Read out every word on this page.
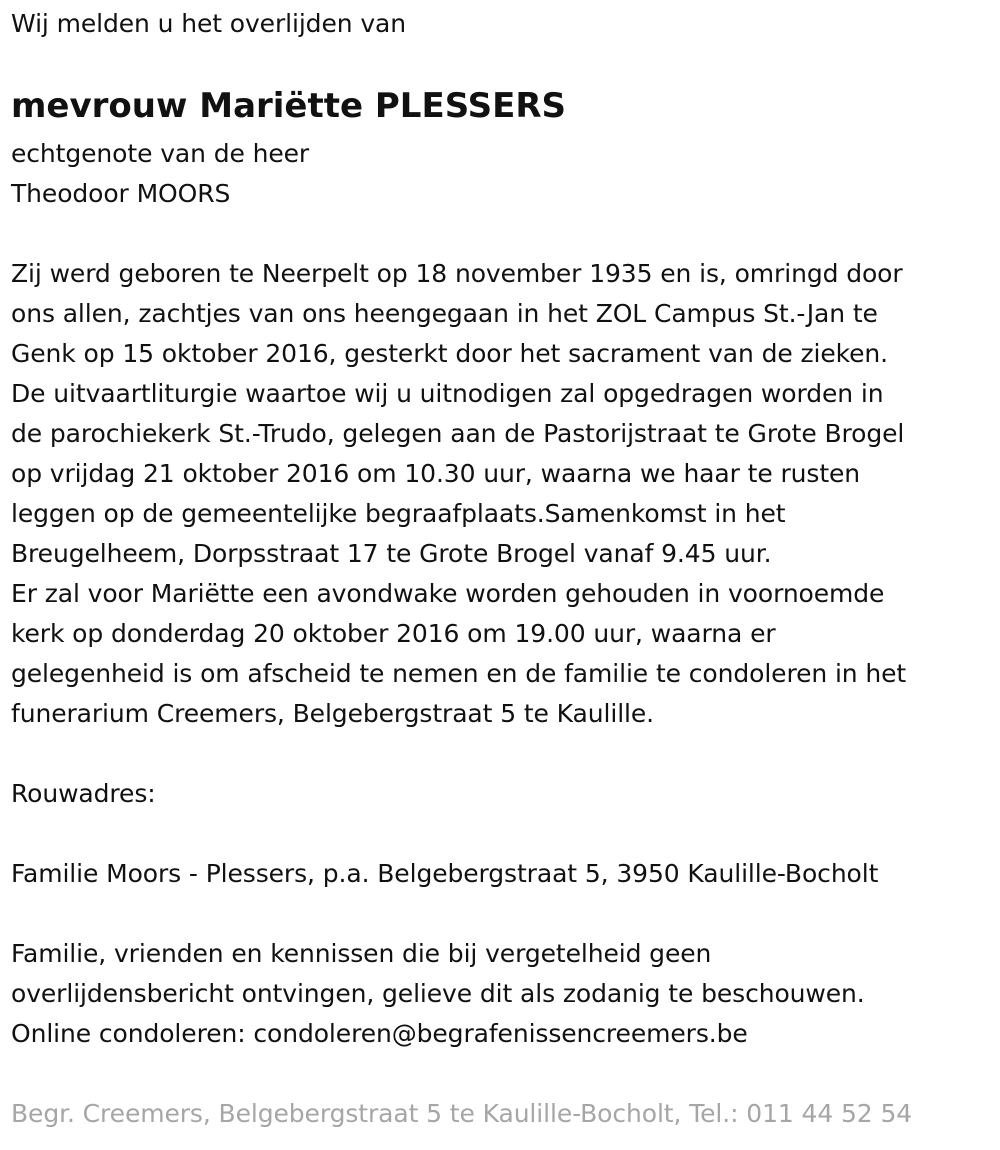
Wij melden u het overlijden van
mevrouw Mariëtte PLESSERS
echtgenote van de heer
Theodoor MOORS
Zij werd geboren te Neerpelt op 18 november 1935 en is, omringd door
ons allen, zachtjes van ons heengegaan in het ZOL Campus St.-Jan te
Genk op 15 oktober 2016, gesterkt door het sacrament van de zieken.
De uitvaartliturgie waartoe wij u uitnodigen zal opgedragen worden in
de parochiekerk St.-Trudo, gelegen aan de Pastorijstraat te Grote Brogel
op vrijdag 21 oktober 2016 om 10.30 uur, waarna we haar te rusten
leggen op de gemeentelijke begraafplaats.Samenkomst in het
Breugelheem, Dorpsstraat 17 te Grote Brogel vanaf 9.45 uur.
Er zal voor Mariëtte een avondwake worden gehouden in voornoemde
kerk op donderdag 20 oktober 2016 om 19.00 uur, waarna er
gelegenheid is om afscheid te nemen en de familie te condoleren in het
funerarium Creemers, Belgebergstraat 5 te Kaulille.
Rouwadres:
Familie Moors - Plessers, p.a. Belgebergstraat 5, 3950 Kaulille-Bocholt
Familie, vrienden en kennissen die bij vergetelheid geen
overlijdensbericht ontvingen, gelieve dit als zodanig te beschouwen.
Online condoleren: condoleren@begrafenissencreemers.be
Begr. Creemers, Belgebergstraat 5 te Kaulille-Bocholt, Tel.: 011 44 52 54
